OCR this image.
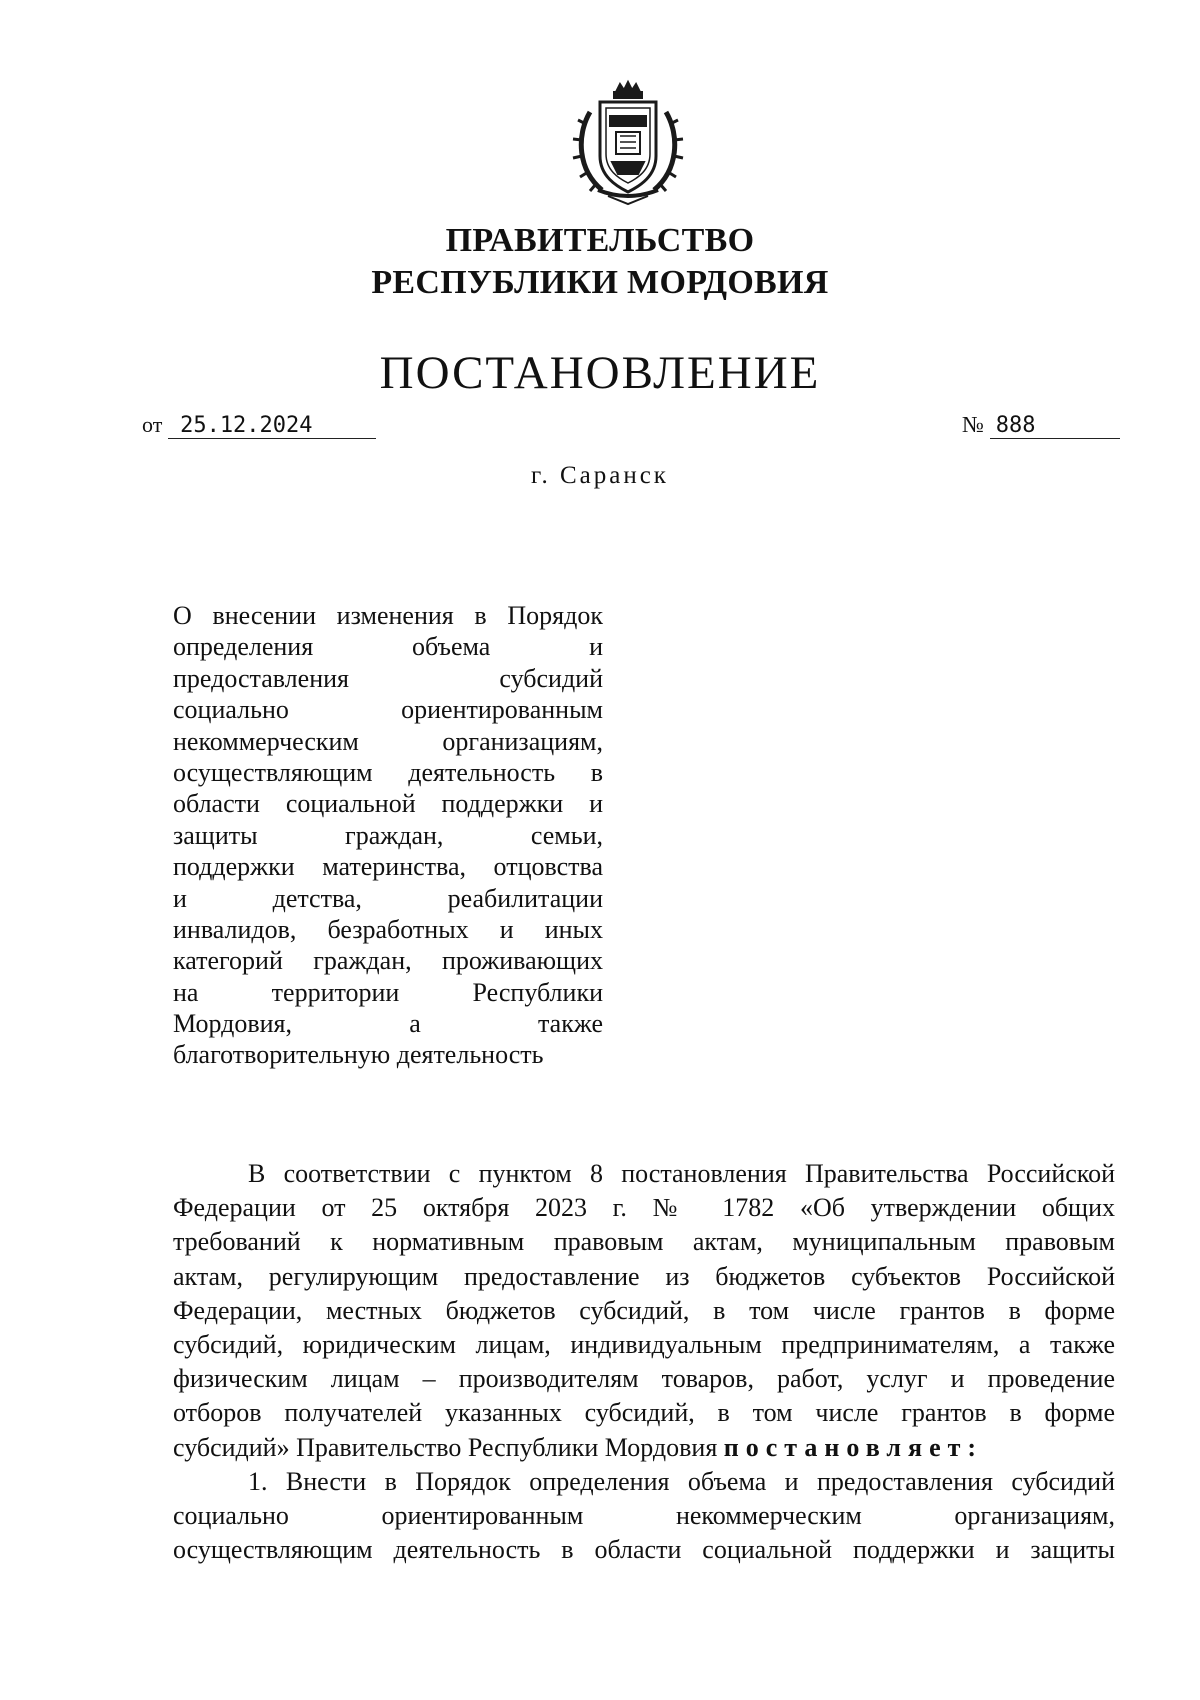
ПРАВИТЕЛЬСТВО
РЕСПУБЛИКИ МОРДОВИЯ
ПОСТАНОВЛЕНИЕ
от 25.12.2024	№ 888
г. Саранск
О внесении изменения в Порядок
определения объема и
предоставления субсидий
социально ориентированным
некоммерческим организациям,
осуществляющим деятельность в
области социальной поддержки и
защиты граждан, семьи,
поддержки материнства, отцовства
и детства, реабилитации
инвалидов, безработных и иных
категорий граждан, проживающих
на территории Республики
Мордовия, а также
благотворительную деятельность
В соответствии с пунктом 8 постановления Правительства Российской
Федерации от 25 октября 2023 г. № 1782 «Об утверждении общих
требований к нормативным правовым актам, муниципальным правовым
актам, регулирующим предоставление из бюджетов субъектов Российской
Федерации, местных бюджетов субсидий, в том числе грантов в форме
субсидий, юридическим лицам, индивидуальным предпринимателям, а также
физическим лицам – производителям товаров, работ, услуг и проведение
отборов получателей указанных субсидий, в том числе грантов в форме
субсидий» Правительство Республики Мордовия постановляет:
1. Внести в Порядок определения объема и предоставления субсидий
социально ориентированным некоммерческим организациям,
осуществляющим деятельность в области социальной поддержки и защиты
